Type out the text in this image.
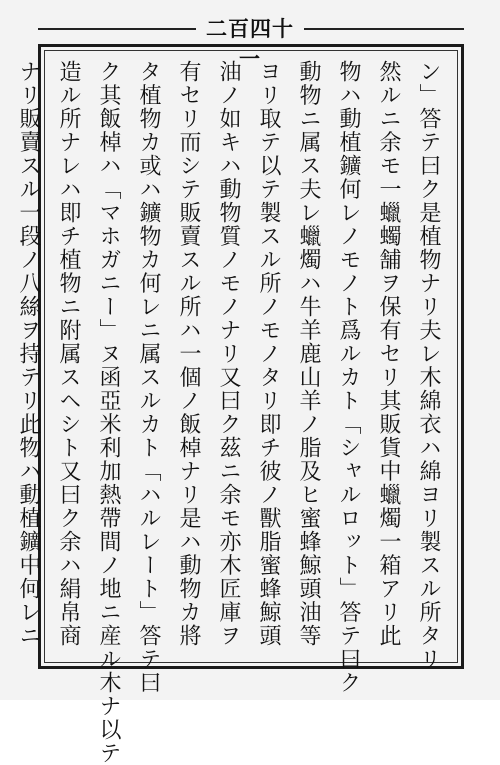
二百四十一

ン」答テ曰ク是植物ナリ夫レ木綿衣ハ綿ヨリ製スル所タリ

然ルニ余モ一蠟蠋舗ヲ保有セリ其販貨中蠟燭一箱アリ此

物ハ動植鑛何レノモノト爲ルカト「シャルロット」答テ曰ク

動物ニ属ス夫レ蠟燭ハ牛羊鹿山羊ノ脂及ヒ蜜蜂鯨頭油等

ヨリ取テ以テ製スル所ノモノタリ即チ彼ノ獸脂蜜蜂鯨頭

油ノ如キハ動物質ノモノナリ又曰ク茲ニ余モ亦木匠庫ヲ

有セリ而シテ販賣スル所ハ一個ノ飯棹ナリ是ハ動物カ將

タ植物カ或ハ鑛物カ何レニ属スルカト「ハルレート」答テ曰

ク其飯棹ハ「マホガニー」ヌ函亞米利加熱帶間ノ地ニ産ル木ナ以テ

造ル所ナレハ即チ植物ニ附属スヘシト又曰ク余ハ絹帛商

ナリ販賣スル一段ノ八絲ヲ持テリ此物ハ動植鑛中何レニ
